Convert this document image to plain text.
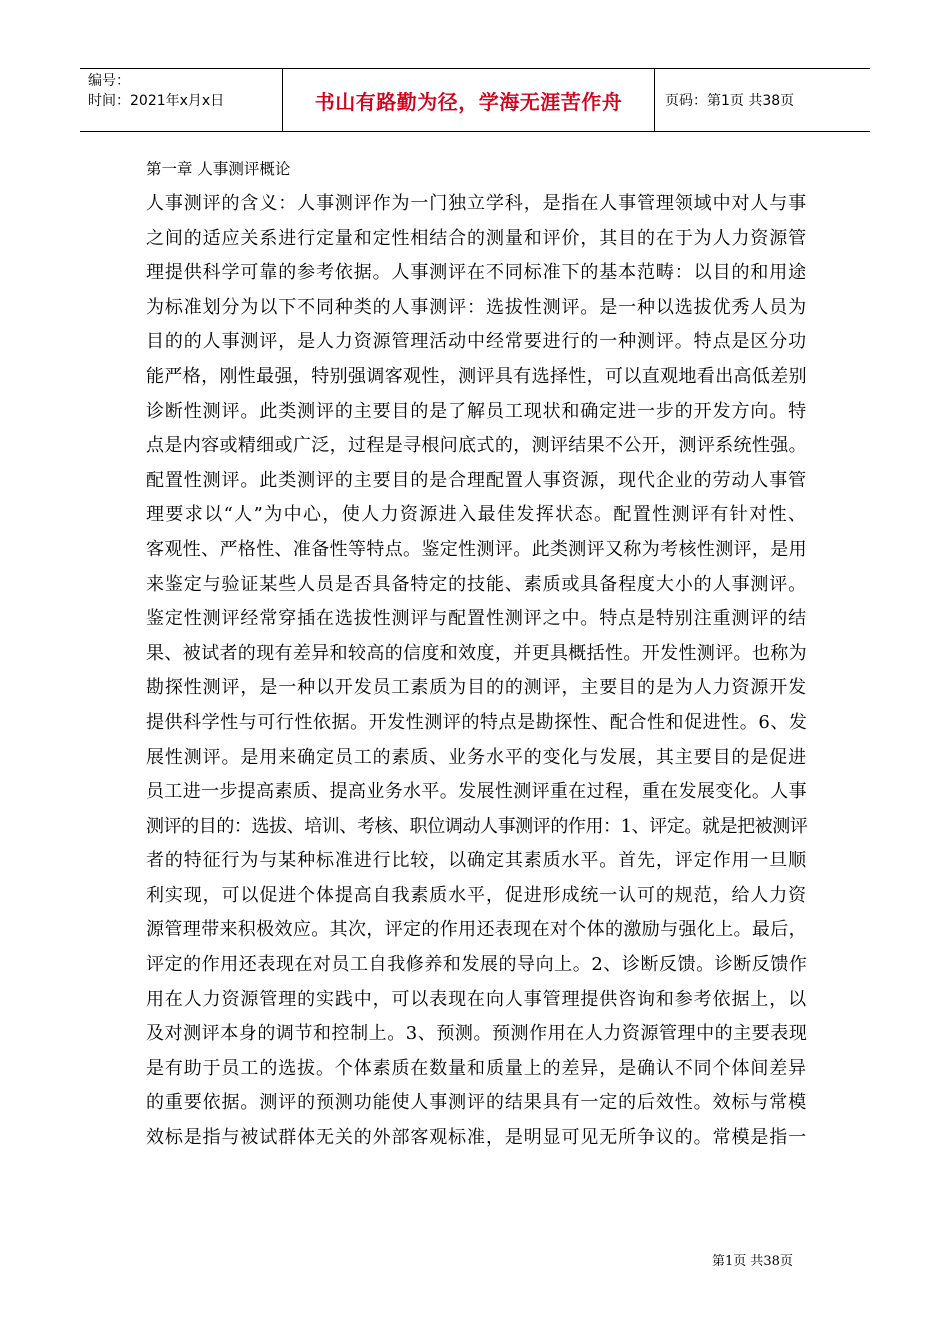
编号：
时间：2021年x月x日	书山有路勤为径，学海无涯苦作舟	页码：第1页 共38页
第一章 人事测评概论
人事测评的含义：人事测评作为一门独立学科，是指在人事管理领域中对人与事
之间的适应关系进行定量和定性相结合的测量和评价，其目的在于为人力资源管
理提供科学可靠的参考依据。人事测评在不同标准下的基本范畴：以目的和用途
为标准划分为以下不同种类的人事测评：选拔性测评。是一种以选拔优秀人员为
目的的人事测评，是人力资源管理活动中经常要进行的一种测评。特点是区分功
能严格，刚性最强，特别强调客观性，测评具有选择性，可以直观地看出高低差别
诊断性测评。此类测评的主要目的是了解员工现状和确定进一步的开发方向。特
点是内容或精细或广泛，过程是寻根问底式的，测评结果不公开，测评系统性强。
配置性测评。此类测评的主要目的是合理配置人事资源，现代企业的劳动人事管
理要求以“人”为中心，使人力资源进入最佳发挥状态。配置性测评有针对性、
客观性、严格性、准备性等特点。鉴定性测评。此类测评又称为考核性测评，是用
来鉴定与验证某些人员是否具备特定的技能、素质或具备程度大小的人事测评。
鉴定性测评经常穿插在选拔性测评与配置性测评之中。特点是特别注重测评的结
果、被试者的现有差异和较高的信度和效度，并更具概括性。开发性测评。也称为
勘探性测评，是一种以开发员工素质为目的的测评，主要目的是为人力资源开发
提供科学性与可行性依据。开发性测评的特点是勘探性、配合性和促进性。6、发
展性测评。是用来确定员工的素质、业务水平的变化与发展，其主要目的是促进
员工进一步提高素质、提高业务水平。发展性测评重在过程，重在发展变化。人事
测评的目的：选拔、培训、考核、职位调动人事测评的作用：1、评定。就是把被测评
者的特征行为与某种标准进行比较，以确定其素质水平。首先，评定作用一旦顺
利实现，可以促进个体提高自我素质水平，促进形成统一认可的规范，给人力资
源管理带来积极效应。其次，评定的作用还表现在对个体的激励与强化上。最后，
评定的作用还表现在对员工自我修养和发展的导向上。2、诊断反馈。诊断反馈作
用在人力资源管理的实践中，可以表现在向人事管理提供咨询和参考依据上，以
及对测评本身的调节和控制上。3、预测。预测作用在人力资源管理中的主要表现
是有助于员工的选拔。个体素质在数量和质量上的差异，是确认不同个体间差异
的重要依据。测评的预测功能使人事测评的结果具有一定的后效性。效标与常模
效标是指与被试群体无关的外部客观标准，是明显可见无所争议的。常模是指一
第1页 共38页
